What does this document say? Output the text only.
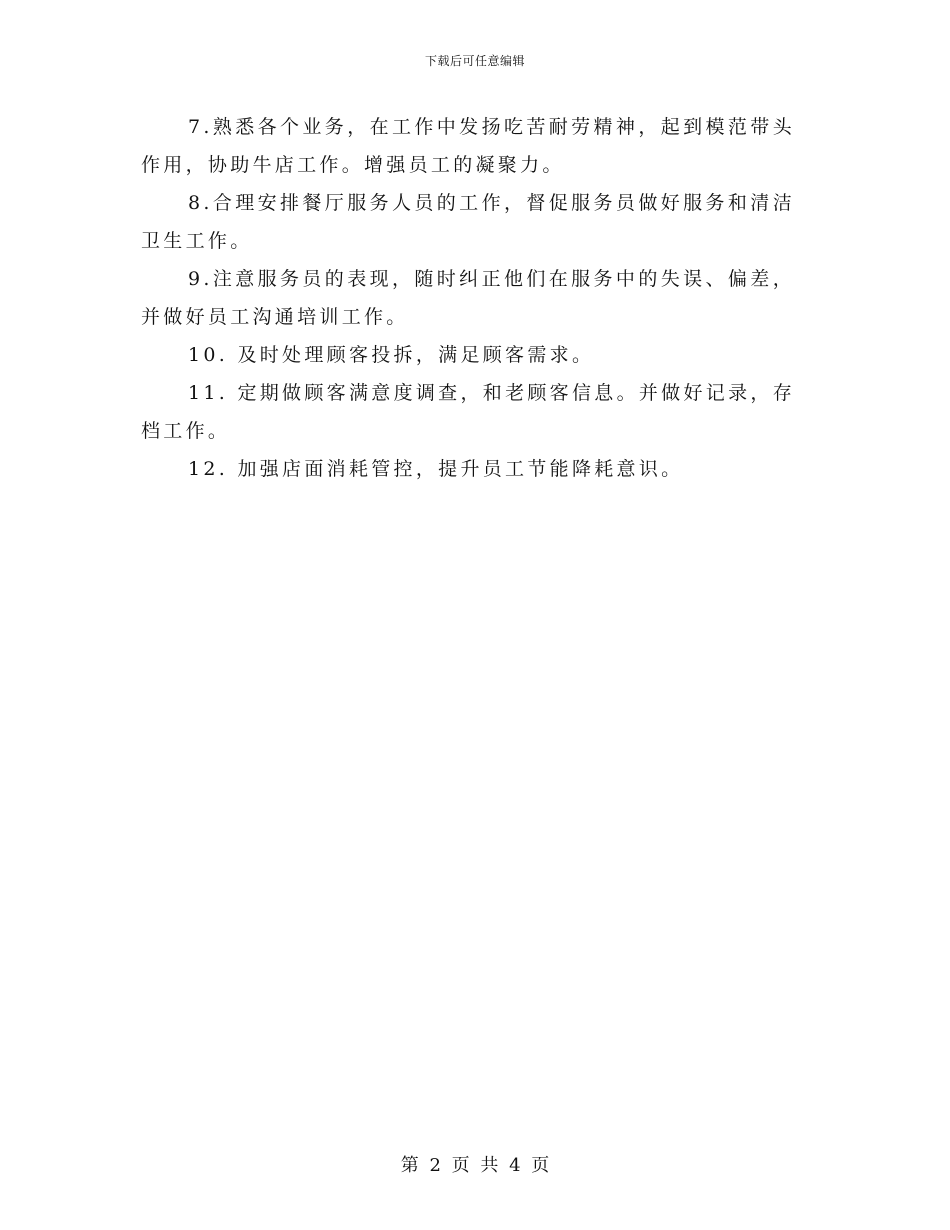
下载后可任意编辑

7.熟悉各个业务，在工作中发扬吃苦耐劳精神，起到模范带头作用，协助牛店工作。增强员工的凝聚力。

8.合理安排餐厅服务人员的工作，督促服务员做好服务和清洁卫生工作。

9.注意服务员的表现，随时纠正他们在服务中的失误、偏差，并做好员工沟通培训工作。

10. 及时处理顾客投拆，满足顾客需求。

11. 定期做顾客满意度调查，和老顾客信息。并做好记录，存档工作。

12. 加强店面消耗管控，提升员工节能降耗意识。

第 2 页 共 4 页
